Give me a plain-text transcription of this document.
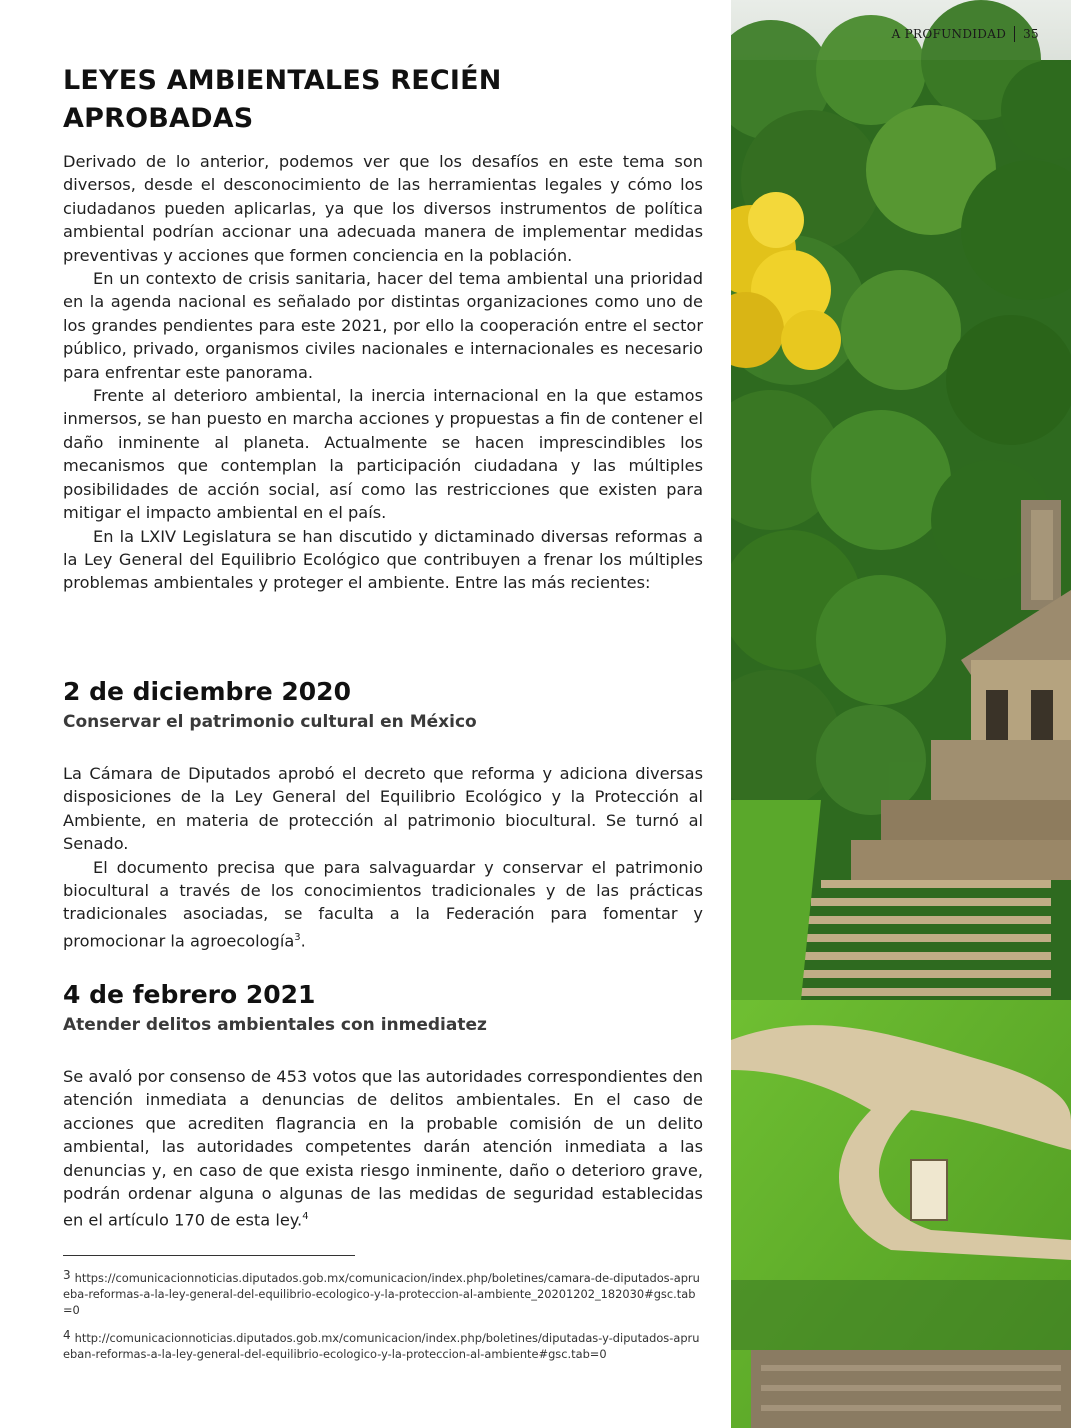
A PROFUNDIDAD 35
LEYES AMBIENTALES RECIÉN APROBADAS

Derivado de lo anterior, podemos ver que los desafíos en este tema son diversos, desde el desconocimiento de las herramientas legales y cómo los ciudadanos pueden aplicarlas, ya que los diversos instrumentos de política ambiental podrían accionar una adecuada manera de implementar medidas preventivas y acciones que formen conciencia en la población.

En un contexto de crisis sanitaria, hacer del tema ambiental una prioridad en la agenda nacional es señalado por distintas organizaciones como uno de los grandes pendientes para este 2021, por ello la cooperación entre el sector público, privado, organismos civiles nacionales e internacionales es necesario para enfrentar este panorama.

Frente al deterioro ambiental, la inercia internacional en la que estamos inmersos, se han puesto en marcha acciones y propuestas a fin de contener el daño inminente al planeta. Actualmente se hacen imprescindibles los mecanismos que contemplan la participación ciudadana y las múltiples posibilidades de acción social, así como las restricciones que existen para mitigar el impacto ambiental en el país.

En la LXIV Legislatura se han discutido y dictaminado diversas reformas a la Ley General del Equilibrio Ecológico que contribuyen a frenar los múltiples problemas ambientales y proteger el ambiente. Entre las más recientes:

2 de diciembre 2020
Conservar el patrimonio cultural en México

La Cámara de Diputados aprobó el decreto que reforma y adiciona diversas disposiciones de la Ley General del Equilibrio Ecológico y la Protección al Ambiente, en materia de protección al patrimonio biocultural. Se turnó al Senado.

El documento precisa que para salvaguardar y conservar el patrimonio biocultural a través de los conocimientos tradicionales y de las prácticas tradicionales asociadas, se faculta a la Federación para fomentar y promocionar la agroecología$^3$.

4 de febrero 2021
Atender delitos ambientales con inmediatez

Se avaló por consenso de 453 votos que las autoridades correspondientes den atención inmediata a denuncias de delitos ambientales. En el caso de acciones que acrediten flagrancia en la probable comisión de un delito ambiental, las autoridades competentes darán atención inmediata a las denuncias y, en caso de que exista riesgo inminente, daño o deterioro grave, podrán ordenar alguna o algunas de las medidas de seguridad establecidas en el artículo 170 de esta ley.$^4$

$^3$ https://comunicacionnoticias.diputados.gob.mx/comunicacion/index.php/boletines/camara-de-diputados-aprueba-reformas-a-la-ley-general-del-equilibrio-ecologico-y-la-proteccion-al-ambiente_20201202_182030#gsc.tab=0
$^4$ http://comunicacionnoticias.diputados.gob.mx/comunicacion/index.php/boletines/diputadas-y-diputados-aprueban-reformas-a-la-ley-general-del-equilibrio-ecologico-y-la-proteccion-al-ambiente#gsc.tab=0
